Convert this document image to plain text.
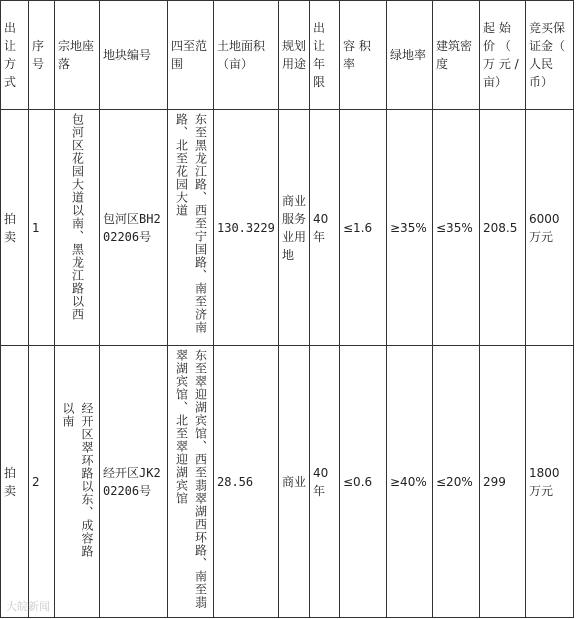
出让方式	序号	宗地座落	地块编号	四至范围	土地面积（亩）	规划用途	出让年限	容 积 率	绿地率	建筑密度	起 始 价 （ 万 元 / 亩）	竞买保证金（ 人民币）
拍卖	1	包河区花园大道以南、黑龙江路以西	包河区BH202206号	东至黑龙江路、西至宁国路、南至济南路、北至花园大道	130.3229	商业服务业用地	40年	≤1.6	≥35%	≤35%	208.5	6000万元
拍卖	2	经开区翠环路以东、成容路以南	经开区JK202206号	东至翠迎湖宾馆、西至翡翠湖西环路、南至翡翠湖宾馆、北至翠迎湖宾馆	28.56	商业	40年	≤0.6	≥40%	≤20%	299	1800万元
大皖新闻
